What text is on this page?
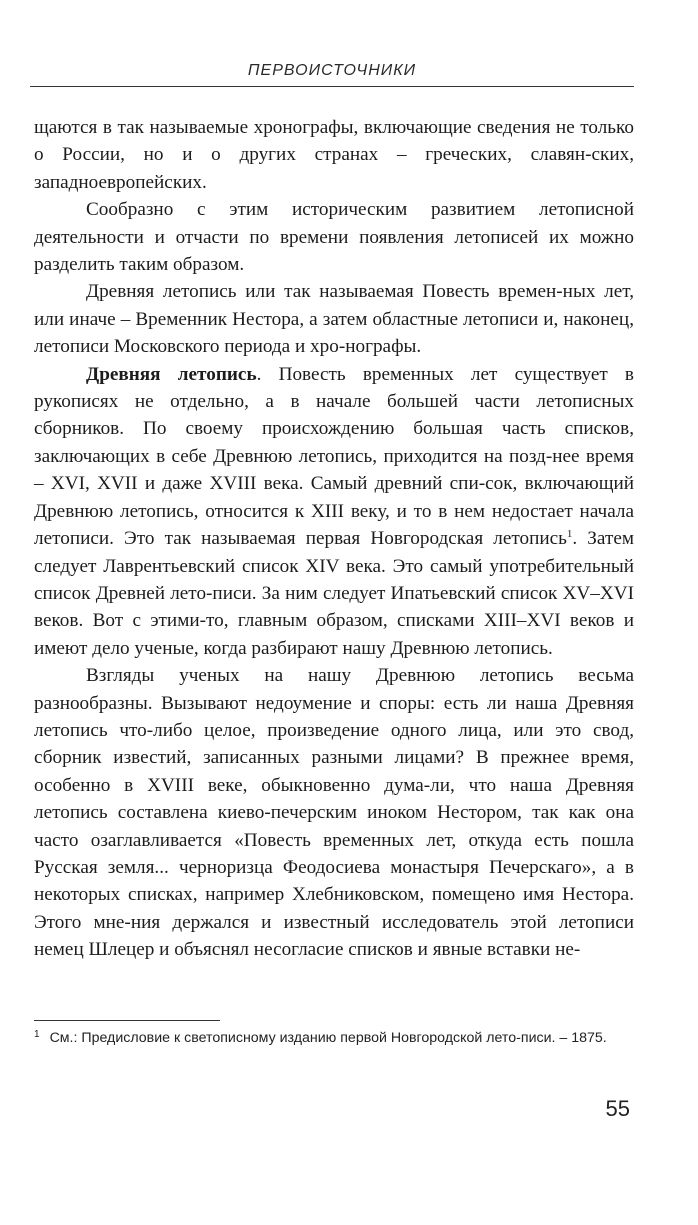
ПЕРВОИСТОЧНИКИ

щаются в так называемые хронографы, включающие сведения не только о России, но и о других странах – греческих, славян-ских, западноевропейских.

Сообразно с этим историческим развитием летописной деятельности и отчасти по времени появления летописей их можно разделить таким образом.

Древняя летопись или так называемая Повесть времен-ных лет, или иначе – Временник Нестора, а затем областные летописи и, наконец, летописи Московского периода и хро-нографы.

Древняя летопись. Повесть временных лет существует в рукописях не отдельно, а в начале большей части летописных сборников. По своему происхождению большая часть списков, заключающих в себе Древнюю летопись, приходится на позд-нее время – XVI, XVII и даже XVIII века. Самый древний спи-сок, включающий Древнюю летопись, относится к XIII веку, и то в нем недостает начала летописи. Это так называемая первая Новгородская летопись$^1$. Затем следует Лаврентьевский список XIV века. Это самый употребительный список Древней лето-писи. За ним следует Ипатьевский список XV–XVI веков. Вот с этими-то, главным образом, списками XIII–XVI веков и имеют дело ученые, когда разбирают нашу Древнюю летопись.

Взгляды ученых на нашу Древнюю летопись весьма разнообразны. Вызывают недоумение и споры: есть ли наша Древняя летопись что-либо целое, произведение одного лица, или это свод, сборник известий, записанных разными лицами? В прежнее время, особенно в XVIII веке, обыкновенно дума-ли, что наша Древняя летопись составлена киево-печерским иноком Нестором, так как она часто озаглавливается «Повесть временных лет, откуда есть пошла Русская земля... черноризца Феодосиева монастыря Печерскаго», а в некоторых списках, например Хлебниковском, помещено имя Нестора. Этого мне-ния держался и известный исследователь этой летописи немец Шлецер и объяснял несогласие списков и явные вставки не-

$^1$ См.: Предисловие к светописному изданию первой Новгородской лето-писи. – 1875.
55
